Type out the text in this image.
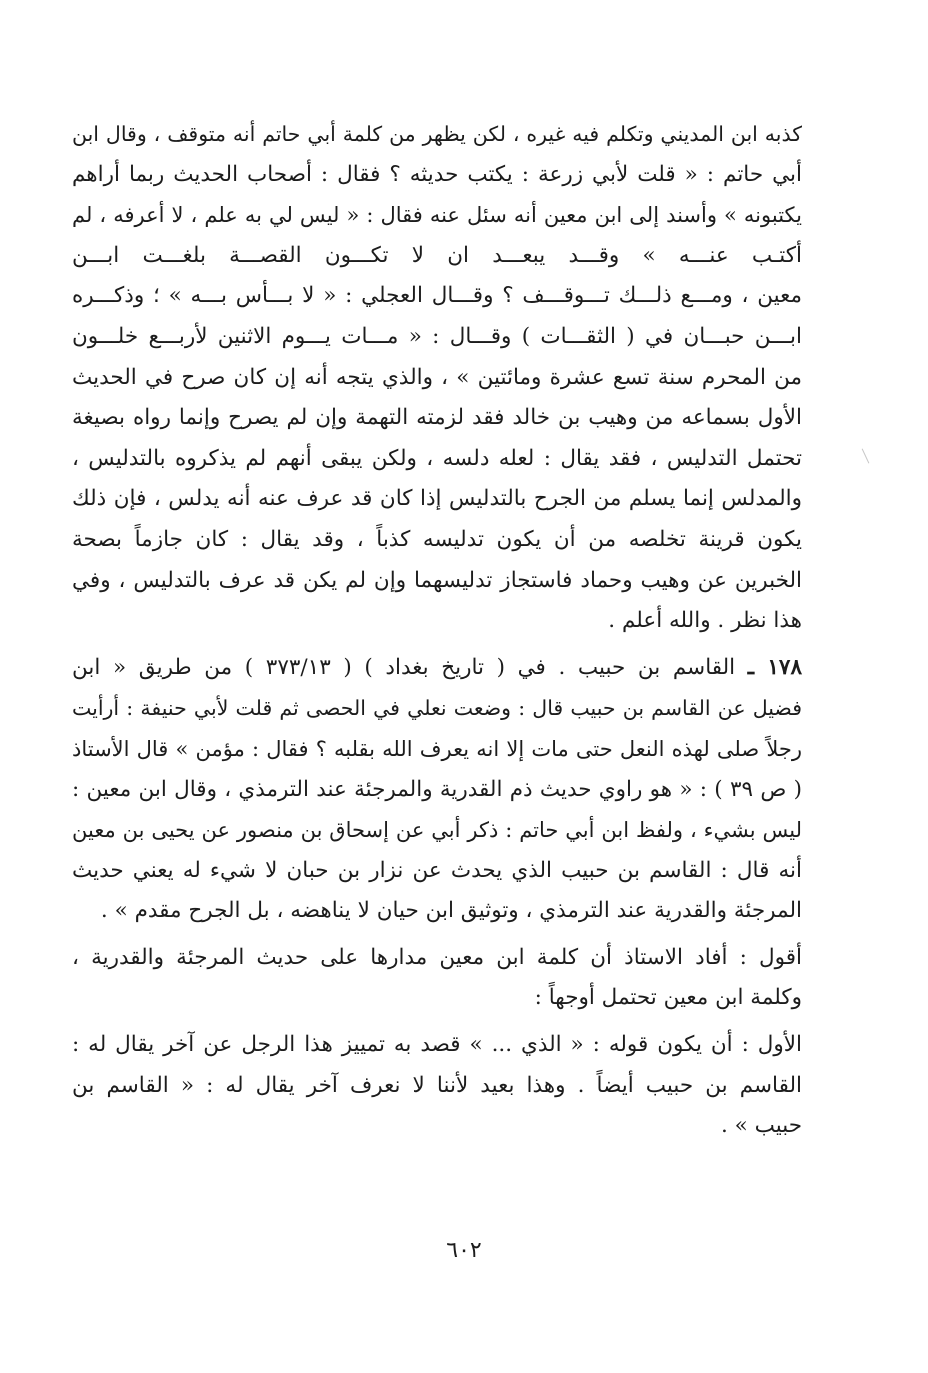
كذبه ابن المديني وتكلم فيه غيره ، لكن يظهر من كلمة أبي حاتم أنه متوقف ، وقال ابن
أبي حاتم : « قلت لأبي زرعة : يكتب حديثه ؟ فقال : أصحاب الحديث ربما أراهم
يكتبونه » وأسند إلى ابن معين أنه سئل عنه فقال : « ليس لي به علم ، لا أعرفه ، لم
أكتـب عنـــه » وقـــد يبعـــد ان لا تكـــون القصـــة بلغـــت ابـــن
معين ، ومـــع ذلـــك تـــوقـــف ؟ وقـــال العجلي : « لا بـــأس بـــه » ؛ وذكـــره
ابـــن حبـــان في ( الثقـــات ) وقـــال : « مـــات يـــوم الاثنين لأربـــع خلـــون
من المحرم سنة تسع عشرة ومائتين » ، والذي يتجه أنه إن كان صرح في الحديث
الأول بسماعه من وهيب بن خالد فقد لزمته التهمة وإن لم يصرح وإنما رواه بصيغة
تحتمل التدليس ، فقد يقال : لعله دلسه ، ولكن يبقى أنهم لم يذكروه بالتدليس ،
والمدلس إنما يسلم من الجرح بالتدليس إذا كان قد عرف عنه أنه يدلس ، فإن ذلك
يكون قرينة تخلصه من أن يكون تدليسه كذباً ، وقد يقال : كان جازماً بصحة
الخبرين عن وهيب وحماد فاستجاز تدليسهما وإن لم يكن قد عرف بالتدليس ، وفي
هذا نظر . والله أعلم .
١٧٨ ـ القاسم بن حبيب . في ( تاريخ بغداد ) ( ٣٧٣/١٣ ) من طريق « ابن
فضيل عن القاسم بن حبيب قال : وضعت نعلي في الحصى ثم قلت لأبي حنيفة : أرأيت
رجلاً صلى لهذه النعل حتى مات إلا انه يعرف الله بقلبه ؟ فقال : مؤمن » قال الأستاذ
( ص ٣٩ ) : « هو راوي حديث ذم القدرية والمرجئة عند الترمذي ، وقال ابن معين :
ليس بشيء ، ولفظ ابن أبي حاتم : ذكر أبي عن إسحاق بن منصور عن يحيى بن معين
أنه قال : القاسم بن حبيب الذي يحدث عن نزار بن حبان لا شيء له يعني حديث
المرجئة والقدرية عند الترمذي ، وتوثيق ابن حيان لا يناهضه ، بل الجرح مقدم » .
أقول : أفاد الاستاذ أن كلمة ابن معين مدارها على حديث المرجئة والقدرية ،
وكلمة ابن معين تحتمل أوجهاً :
الأول : أن يكون قوله : « الذي ... » قصد به تمييز هذا الرجل عن آخر يقال له :
القاسم بن حبيب أيضاً . وهذا بعيد لأننا لا نعرف آخر يقال له : « القاسم بن
حبيب » .
٦٠٢
